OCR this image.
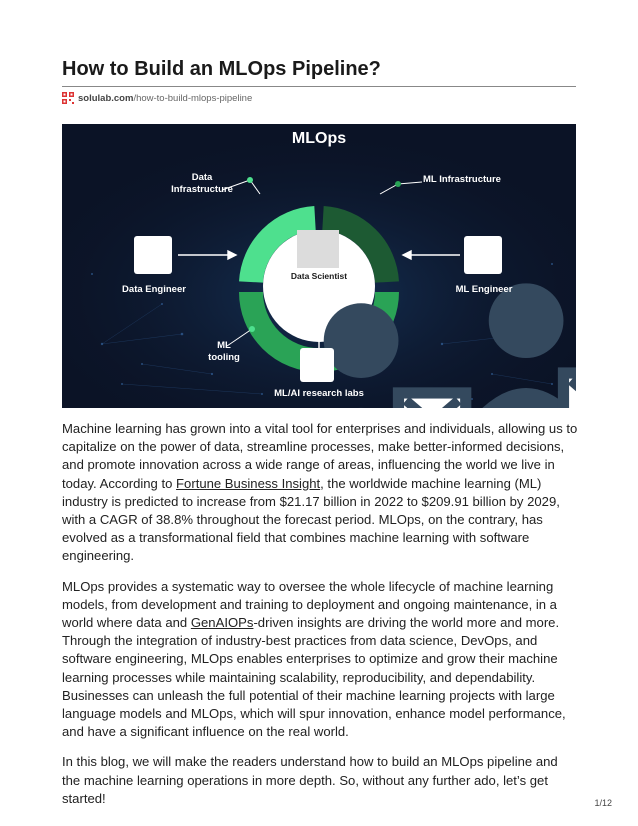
How to Build an MLOps Pipeline?
solulab.com/how-to-build-mlops-pipeline
MLOps
Data Scientist
Data
Infrastructure
ML Infrastructure
Data Engineer	ML Engineer
ML
tooling
ML/AI research labs

Machine learning has grown into a vital tool for enterprises and individuals, allowing us to capitalize on the power of data, streamline processes, make better-informed decisions, and promote innovation across a wide range of areas, influencing the world we live in today. According to Fortune Business Insight, the worldwide machine learning (ML) industry is predicted to increase from $21.17 billion in 2022 to $209.91 billion by 2029, with a CAGR of 38.8% throughout the forecast period. MLOps, on the contrary, has evolved as a transformational field that combines machine learning with software engineering.

MLOps provides a systematic way to oversee the whole lifecycle of machine learning models, from development and training to deployment and ongoing maintenance, in a world where data and GenAIOPs-driven insights are driving the world more and more. Through the integration of industry-best practices from data science, DevOps, and software engineering, MLOps enables enterprises to optimize and grow their machine learning processes while maintaining scalability, reproducibility, and dependability. Businesses can unleash the full potential of their machine learning projects with large language models and MLOps, which will spur innovation, enhance model performance, and have a significant influence on the real world.

In this blog, we will make the readers understand how to build an MLOps pipeline and the machine learning operations in more depth. So, without any further ado, let’s get started!	1/12
